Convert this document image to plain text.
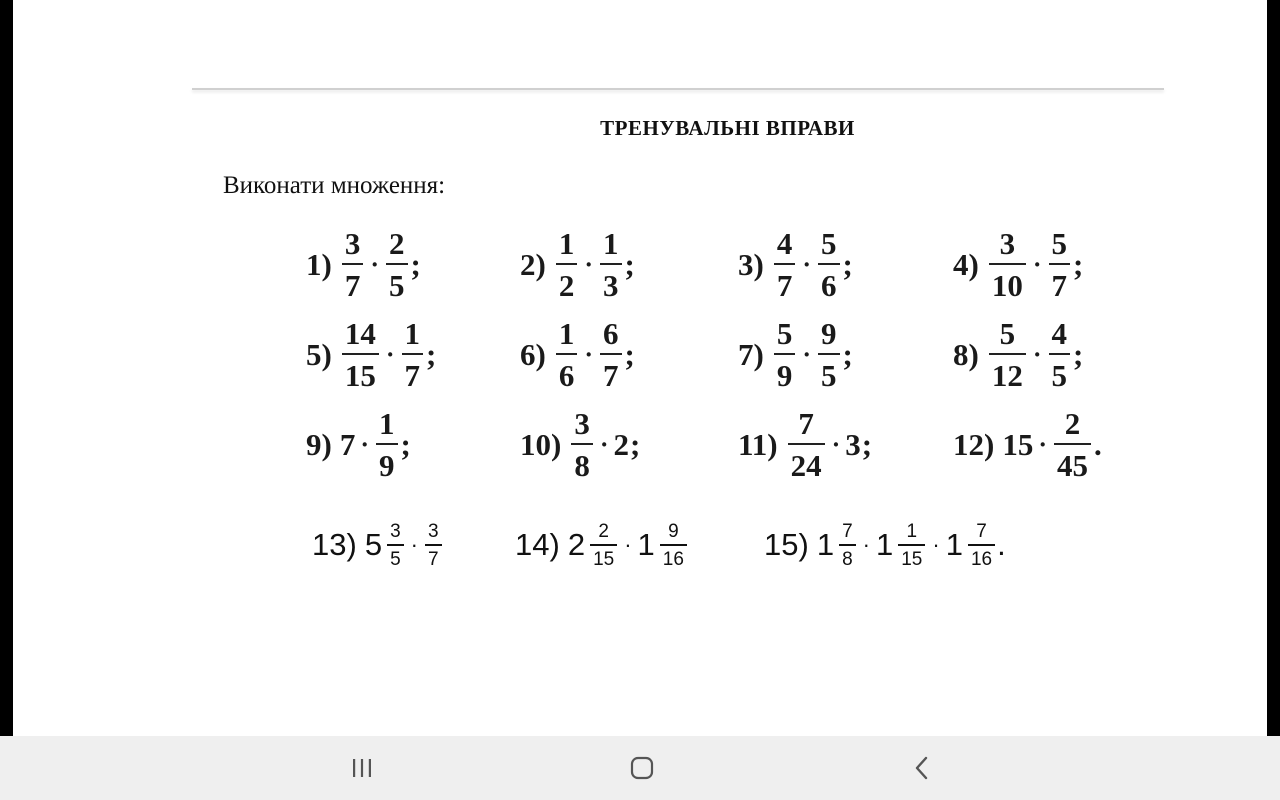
ТРЕНУВАЛЬНІ ВПРАВИ
Виконати множення:
$1) \frac{3}{7} \cdot \frac{2}{5}$ ;	$2) \frac{1}{2} \cdot \frac{1}{3}$ ;	$3) \frac{4}{7} \cdot \frac{5}{6}$ ;	$4) \frac{3}{10} \cdot \frac{5}{7}$ ;
$5) \frac{14}{15} \cdot \frac{1}{7}$ ;	$6) \frac{1}{6} \cdot \frac{6}{7}$ ;	$7) \frac{5}{9} \cdot \frac{9}{5}$ ;	$8) \frac{5}{12} \cdot \frac{4}{5}$ ;
9) $7 \cdot \frac{1}{9}$ ;	$10) \frac{3}{8} \cdot 2$ ;	$11) \frac{7}{24} \cdot 3$ ;	12) $15 \cdot \frac{2}{45}$ .
13) $5 \frac{3}{5} \cdot \frac{3}{7} 14$) $2 \frac{2}{15} \cdot 1 \frac{9}{16} 15$) $1 \frac{7}{8} \cdot 1 \frac{1}{15} \cdot 1 \frac{7}{16}$ .
